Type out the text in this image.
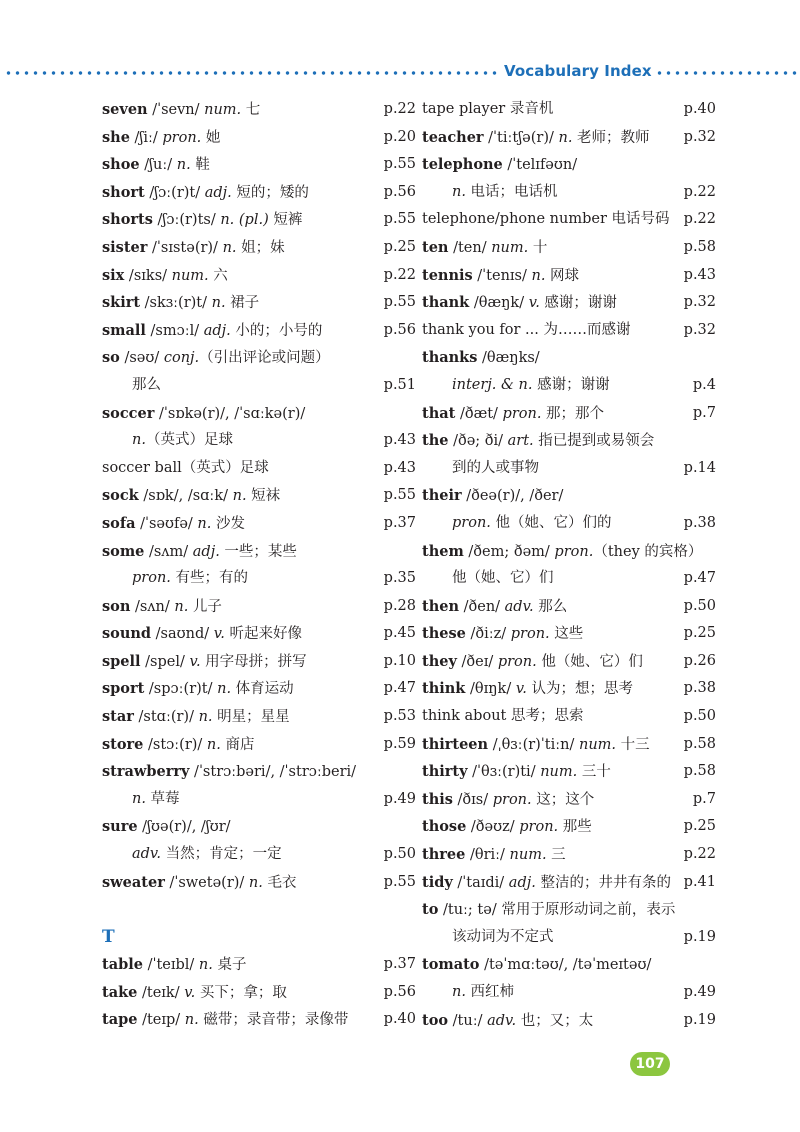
Vocabulary Index
seven /ˈsevn/ num. 七	p.22
she /ʃiː/ pron. 她	p.20
shoe /ʃuː/ n. 鞋	p.55
short /ʃɔː(r)t/ adj. 短的；矮的	p.56
shorts /ʃɔː(r)ts/ n. (pl.) 短裤	p.55
sister /ˈsɪstə(r)/ n. 姐；妹	p.25
six /sɪks/ num. 六	p.22
skirt /skɜː(r)t/ n. 裙子	p.55
small /smɔːl/ adj. 小的；小号的	p.56
so /səʊ/ conj.（引出评论或问题）
那么	p.51
soccer /ˈsɒkə(r)/, /ˈsɑːkə(r)/
n.（英式）足球	p.43
soccer ball（英式）足球	p.43
sock /sɒk/, /sɑːk/ n. 短袜	p.55
sofa /ˈsəʊfə/ n. 沙发	p.37
some /sʌm/ adj. 一些；某些
pron. 有些；有的	p.35
son /sʌn/ n. 儿子	p.28
sound /saʊnd/ v. 听起来好像	p.45
spell /spel/ v. 用字母拼；拼写	p.10
sport /spɔː(r)t/ n. 体育运动	p.47
star /stɑː(r)/ n. 明星；星星	p.53
store /stɔː(r)/ n. 商店	p.59
strawberry /ˈstrɔːbəri/, /ˈstrɔːberi/
n. 草莓	p.49
sure /ʃʊə(r)/, /ʃʊr/
adv. 当然；肯定；一定	p.50
sweater /ˈswetə(r)/ n. 毛衣	p.55
T
table /ˈteɪbl/ n. 桌子	p.37
take /teɪk/ v. 买下；拿；取	p.56
tape /teɪp/ n. 磁带；录音带；录像带 p.40
tape player 录音机	p.40
teacher /ˈtiːtʃə(r)/ n. 老师；教师 p.32
telephone /ˈtelɪfəʊn/
n. 电话；电话机	p.22
telephone/phone number 电话号码 p.22
ten /ten/ num. 十	p.58
tennis /ˈtenɪs/ n. 网球	p.43
thank /θæŋk/ v. 感谢；谢谢	p.32
thank you for ... 为……而感谢	p.32
thanks /θæŋks/
interj. & n. 感谢；谢谢	p.4
that /ðæt/ pron. 那；那个	p.7
the /ðə; ði/ art. 指已提到或易领会
到的人或事物	p.14
their /ðeə(r)/, /ðer/
pron. 他（她、它）们的	p.38
them /ðem; ðəm/ pron.（they 的宾格）
他（她、它）们	p.47
then /ðen/ adv. 那么	p.50
these /ðiːz/ pron. 这些	p.25
they /ðeɪ/ pron. 他（她、它）们	p.26
think /θɪŋk/ v. 认为；想；思考	p.38
think about 思考；思索	p.50
thirteen /ˌθɜː(r)ˈtiːn/ num. 十三 p.58
thirty /ˈθɜː(r)ti/ num. 三十	p.58
this /ðɪs/ pron. 这；这个	p.7
those /ðəʊz/ pron. 那些	p.25
three /θriː/ num. 三	p.22
tidy /ˈtaɪdi/ adj. 整洁的；井井有条的 p.41
to /tuː; tə/ 常用于原形动词之前，表示
该动词为不定式	p.19
tomato /təˈmɑːtəʊ/, /təˈmeɪtəʊ/
n. 西红柿	p.49
too /tuː/ adv. 也；又；太	p.19
107
